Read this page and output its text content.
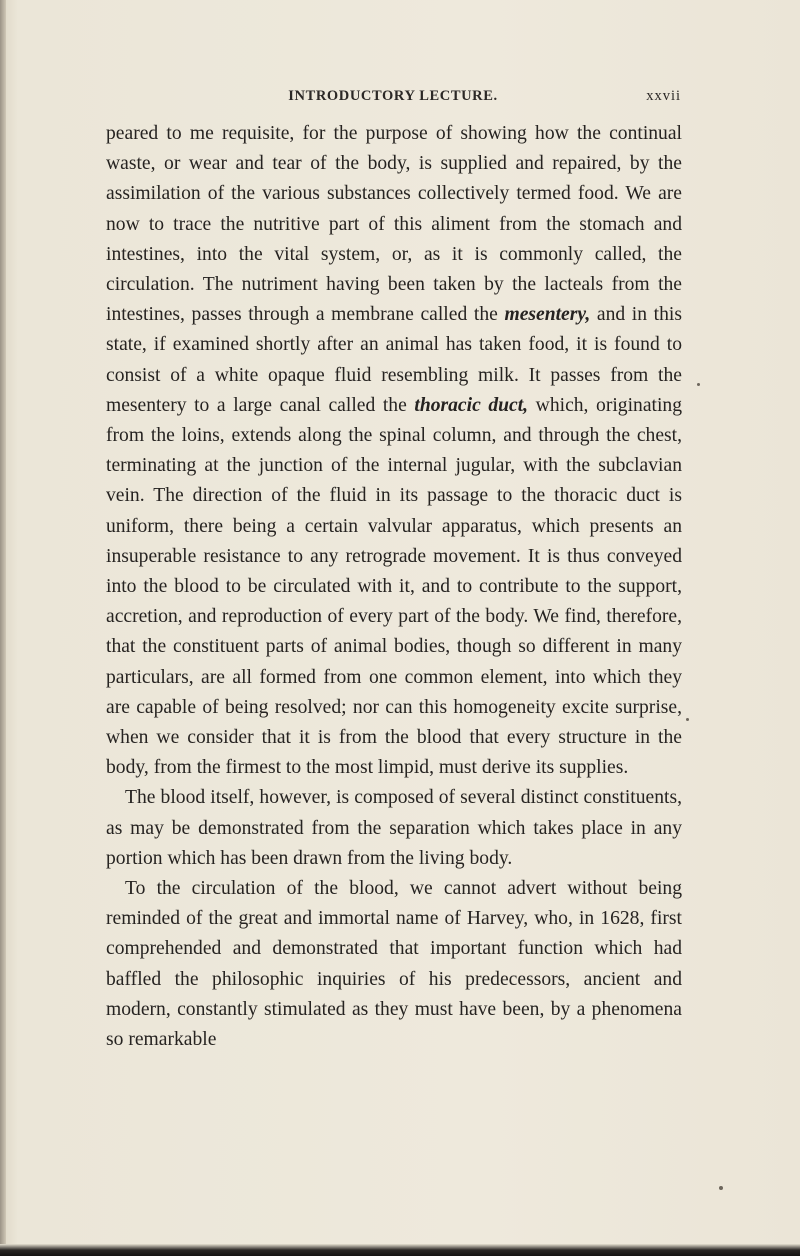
INTRODUCTORY LECTURE.	xxvii

peared to me requisite, for the purpose of showing how the continual waste, or wear and tear of the body, is supplied and repaired, by the assimilation of the various substances collectively termed food. We are now to trace the nutritive part of this aliment from the stomach and intestines, into the vital system, or, as it is commonly called, the circulation. The nutriment having been taken by the lacteals from the intestines, passes through a membrane called the mesentery, and in this state, if examined shortly after an animal has taken food, it is found to consist of a white opaque fluid resembling milk. It passes from the mesentery to a large canal called the thoracic duct, which, originating from the loins, extends along the spinal column, and through the chest, terminating at the junction of the internal jugular, with the subclavian vein. The direction of the fluid in its passage to the thoracic duct is uniform, there being a certain valvular apparatus, which presents an insuperable resistance to any retrograde movement. It is thus conveyed into the blood to be circulated with it, and to contribute to the support, accretion, and reproduction of every part of the body. We find, therefore, that the constituent parts of animal bodies, though so different in many particulars, are all formed from one common element, into which they are capable of being resolved; nor can this homogeneity excite surprise, when we consider that it is from the blood that every structure in the body, from the firmest to the most limpid, must derive its supplies.

The blood itself, however, is composed of several distinct constituents, as may be demonstrated from the separation which takes place in any portion which has been drawn from the living body.

To the circulation of the blood, we cannot advert without being reminded of the great and immortal name of Harvey, who, in 1628, first comprehended and demonstrated that important function which had baffled the philosophic inquiries of his predecessors, ancient and modern, constantly stimulated as they must have been, by a phenomena so remarkable
